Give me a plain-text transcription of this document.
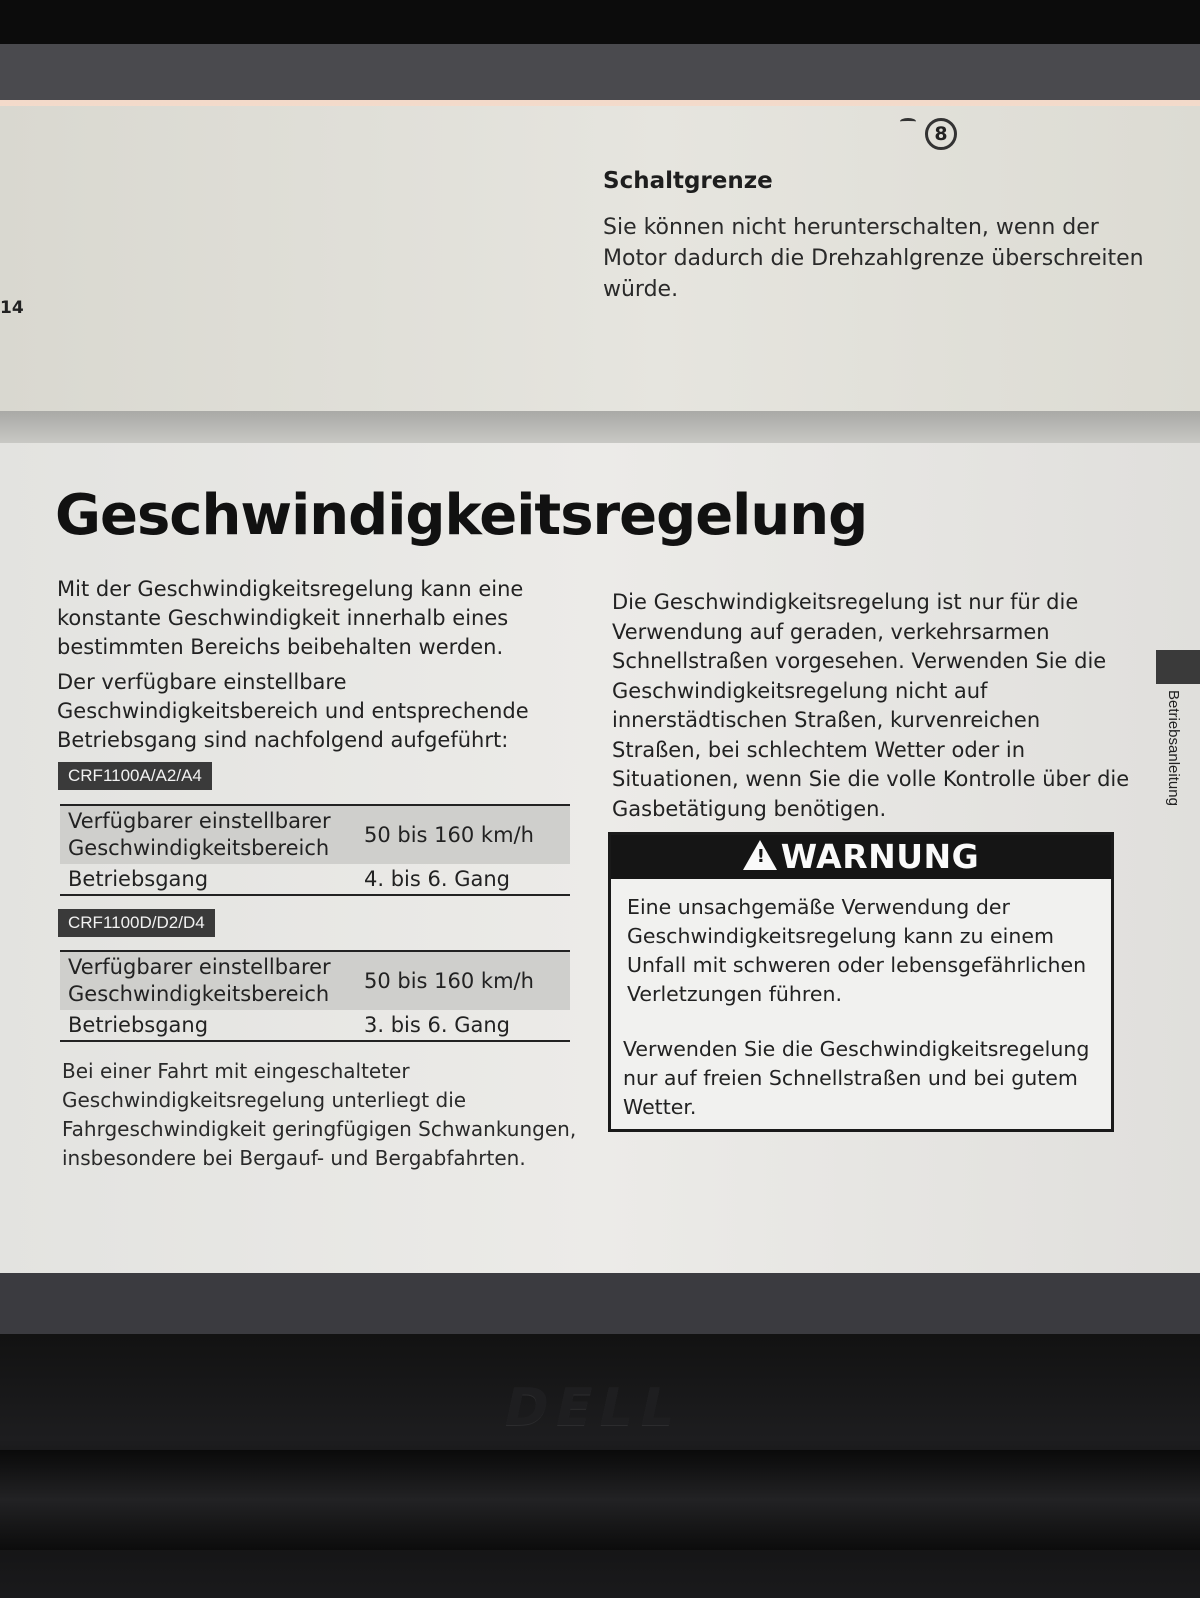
8
Schaltgrenze
Sie können nicht herunterschalten, wenn der Motor dadurch die Drehzahlgrenze überschreiten würde.
14
Geschwindigkeitsregelung
Mit der Geschwindigkeitsregelung kann eine konstante Geschwindigkeit innerhalb eines bestimmten Bereichs beibehalten werden.
Der verfügbare einstellbare Geschwindigkeitsbereich und entsprechende Betriebsgang sind nachfolgend aufgeführt:
CRF1100A/A2/A4
Verfügbarer einstellbarer Geschwindigkeitsbereich
50 bis 160 km/h
Betriebsgang	4. bis 6. Gang
CRF1100D/D2/D4
Verfügbarer einstellbarer Geschwindigkeitsbereich
50 bis 160 km/h
Betriebsgang	3. bis 6. Gang
Bei einer Fahrt mit eingeschalteter Geschwindigkeitsregelung unterliegt die Fahrgeschwindigkeit geringfügigen Schwankungen, insbesondere bei Bergauf- und Bergabfahrten.
Die Geschwindigkeitsregelung ist nur für die Verwendung auf geraden, verkehrsarmen Schnellstraßen vorgesehen. Verwenden Sie die Geschwindigkeitsregelung nicht auf innerstädtischen Straßen, kurvenreichen Straßen, bei schlechtem Wetter oder in Situationen, wenn Sie die volle Kontrolle über die Gasbetätigung benötigen.
! WARNUNG
Eine unsachgemäße Verwendung der Geschwindigkeitsregelung kann zu einem Unfall mit schweren oder lebensgefährlichen Verletzungen führen.
Verwenden Sie die Geschwindigkeitsregelung nur auf freien Schnellstraßen und bei gutem Wetter.
Betriebsanleitung
DELL
